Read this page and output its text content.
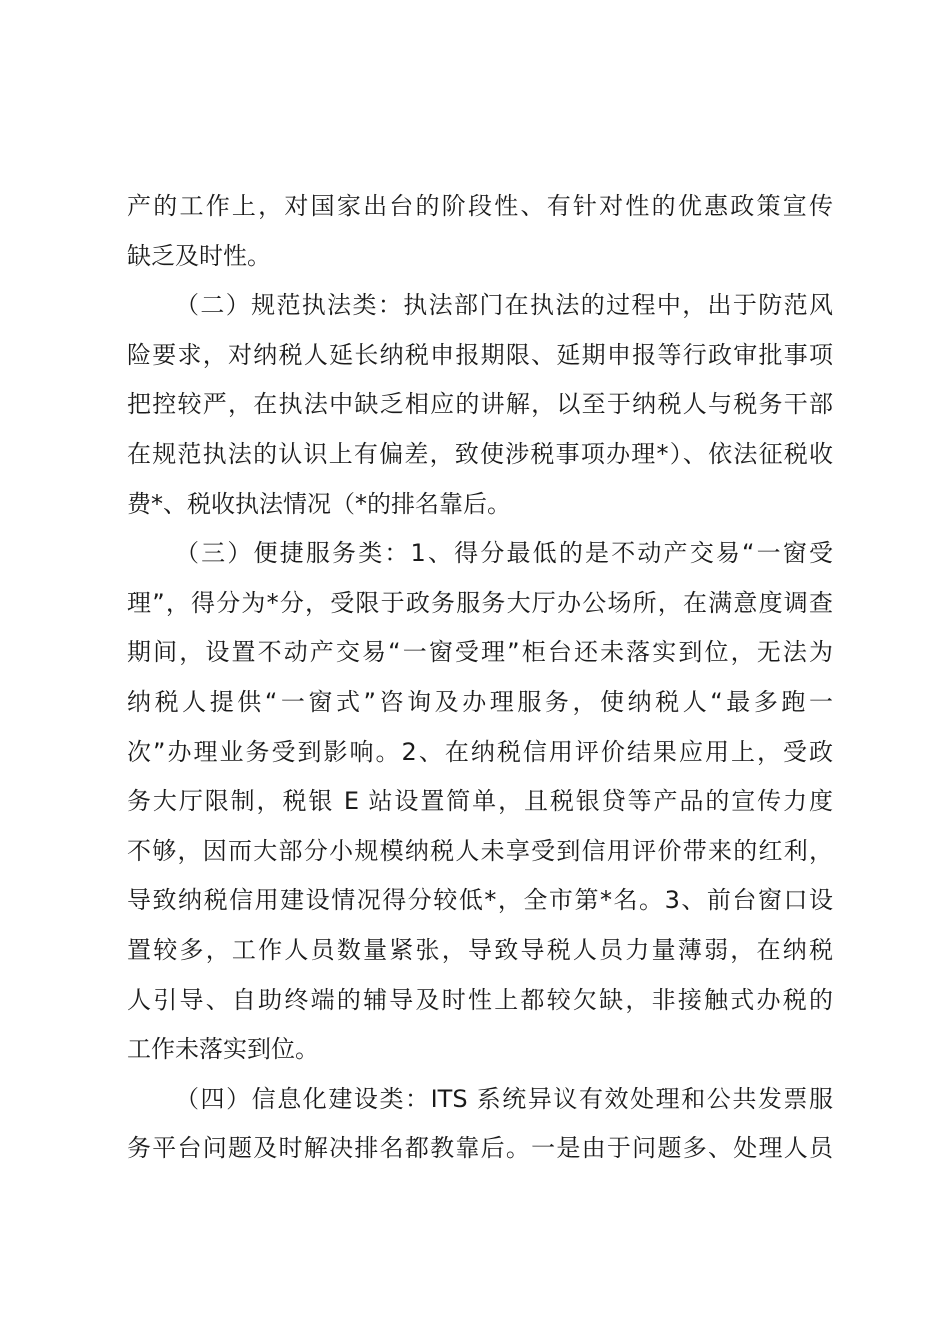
产的工作上，对国家出台的阶段性、有针对性的优惠政策宣传
缺乏及时性。
（二）规范执法类：执法部门在执法的过程中，出于防范风
险要求，对纳税人延长纳税申报期限、延期申报等行政审批事项
把控较严，在执法中缺乏相应的讲解，以至于纳税人与税务干部
在规范执法的认识上有偏差，致使涉税事项办理*）、依法征税收
费*、税收执法情况（*的排名靠后。
（三）便捷服务类：1、得分最低的是不动产交易“一窗受
理”，得分为*分，受限于政务服务大厅办公场所，在满意度调查
期间，设置不动产交易“一窗受理”柜台还未落实到位，无法为
纳税人提供“一窗式”咨询及办理服务，使纳税人“最多跑一
次”办理业务受到影响。2、在纳税信用评价结果应用上，受政
务大厅限制，税银 E 站设置简单，且税银贷等产品的宣传力度
不够，因而大部分小规模纳税人未享受到信用评价带来的红利，
导致纳税信用建设情况得分较低*，全市第*名。3、前台窗口设
置较多，工作人员数量紧张，导致导税人员力量薄弱，在纳税
人引导、自助终端的辅导及时性上都较欠缺，非接触式办税的
工作未落实到位。
（四）信息化建设类：ITS 系统异议有效处理和公共发票服
务平台问题及时解决排名都教靠后。一是由于问题多、处理人员
